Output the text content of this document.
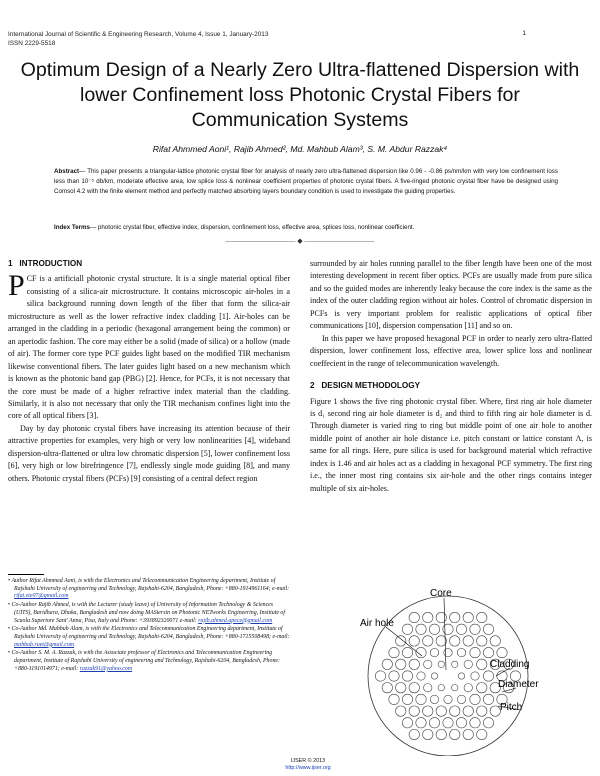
International Journal of Scientific & Engineering Research, Volume 4, Issue 1, January-2013
ISSN 2229-5518
1
Optimum Design of a Nearly Zero Ultra-flattened Dispersion with lower Confinement loss Photonic Crystal Fibers for Communication Systems
Rifat Ahmmed Aoni¹, Rajib Ahmed², Md. Mahbub Alam³, S. M. Abdur Razzak⁴
Abstract— This paper presents a triangular-lattice photonic crystal fiber for analysis of nearly zero ultra-flattened dispersion like 0.96 - -0.86 ps/nm/km with very low confinement loss less than 10⁻⁵ db/km, moderate effective area, low splice loss & nonlinear coefficient properties of photonic crystal fibers. A five-ringed photonic crystal fiber have be designed using Comsol 4.2 with the finite element method and perfectly matched absorbing layers boundary condition is used to investigate the guiding properties.
Index Terms— photonic crystal fiber, effective index, dispersion, confinement loss, effective area, splices loss, nonlinear coefficient.
—————————— ◆ ——————————

1 INTRODUCTION

PCF is a artificiall photonic crystal structure. It is a single material optical fiber consisting of a silica-air microstructure. It contains microscopic air-holes in a silica background running down length of the fiber that form the silica-air microstructure as well as the lower refractive index cladding [1]. Air-holes can be arranged in the cladding in a periodic (hexagonal arrangement being the common) or an aperiodic fashion. The core may either be a solid (made of silica) or a hollow (made of air). The former core type PCF guides light based on the modified TIR mechanism likewise conventional fibers. The later guides light based on a new mechanism which is known as the photonic band gap (PBG) [2]. Hence, for PCFs, it is not necessary that the core must be made of a higher refractive index material than the cladding. Similarly, it is also not necessary that only the TIR mechanism confines light into the core of all optical fibers [3].

Day by day photonic crystal fibers have increasing its attention because of their attractive properties for examples, very high or very low nonlinearities [4], wideband dispersion-ultra-flattened or ultra low chromatic dispersion [5], lower confinement loss [6], very high or low birefringence [7], endlessly single mode guiding [8], and many others. Photonic crystal fibers (PCFs) [9] consisting of a central defect region

• Author Rifat Ahmmed Aoni, is with the Electronics and Telecommunication Engineering department, Institute of Rajshahi University of engineering and Technology, Rajshahi-6204, Bangladesh, Phone: +880-1914961164; e-mail: rifat.ete07@gmail.com

• Co-Author Rajib Ahmed, is with the Lecturer (study leave) of University of Information Technology & Sciences (UITS), Baridhara, Dhaka, Bangladesh and now doing MAStersin on Photonic NETworks Engineering, Institute of Scuola Superiore Sant' Anna, Pisa, Italy and Phone: +393892320071 e-mail: rajib.ahmed.apece@gmail.com

• Co-Author Md. Mahbub Alam, is with the Electronics and Telecommunication Engineering department, Institute of Rajshahi University of engineering and Technology, Rajshahi-6204, Bangladesh, Phone: +880-1715508498; e-mail: mahbub.ruet@gmail.com

• Co-Author S. M. A. Razzak, is with the Associate professor of Electronics and Telecommunication Engineering department, Institute of Rajshahi University of engineering and Technology, Rajshahi-6204, Bangladesh, Phone: +880-1191014971; e-mail: razzak91@yahoo.com

surrounded by air holes running parallel to the fiber length have been one of the most interesting development in recent fiber optics. PCFs are usually made from pure silica and so the guided modes are inherently leaky because the core index is the same as the index of the outer cladding region without air holes. Control of chromatic dispersion in PCFs is very important problem for realistic applications of optical fiber communications [10], dispersion compensation [11] and so on.

In this paper we have proposed hexagonal PCF in order to nearly zero ultra-flatted dispersion, lower confinement loss, effective area, lower splice loss and nonlinear coeffecient in the range of telecommunication wavelength.

2 DESIGN METHODOLOGY

Figure 1 shows the five ring photonic crystal fiber. Where, first ring air hole diameter is d₁ second ring air hole diameter is d₂ and third to fifth ring air hole diameter is d. Through diameter is varied ring to ring but middle point of one air hole to another middle point of another air hole distance i.e. pitch constant or lattice constant Λ, is same for all rings. Here, pure silica is used for background material which refractive index is 1.46 and air holes act as a cladding in hexagonal PCF symmetry. The first ring i.e., the inner most ring contains six air-hole and the other rings contains integer multiple of six air-holes.

Core
Air hole
Cladding
Diameter
Pitch
IJSER © 2013
http://www.ijser.org
